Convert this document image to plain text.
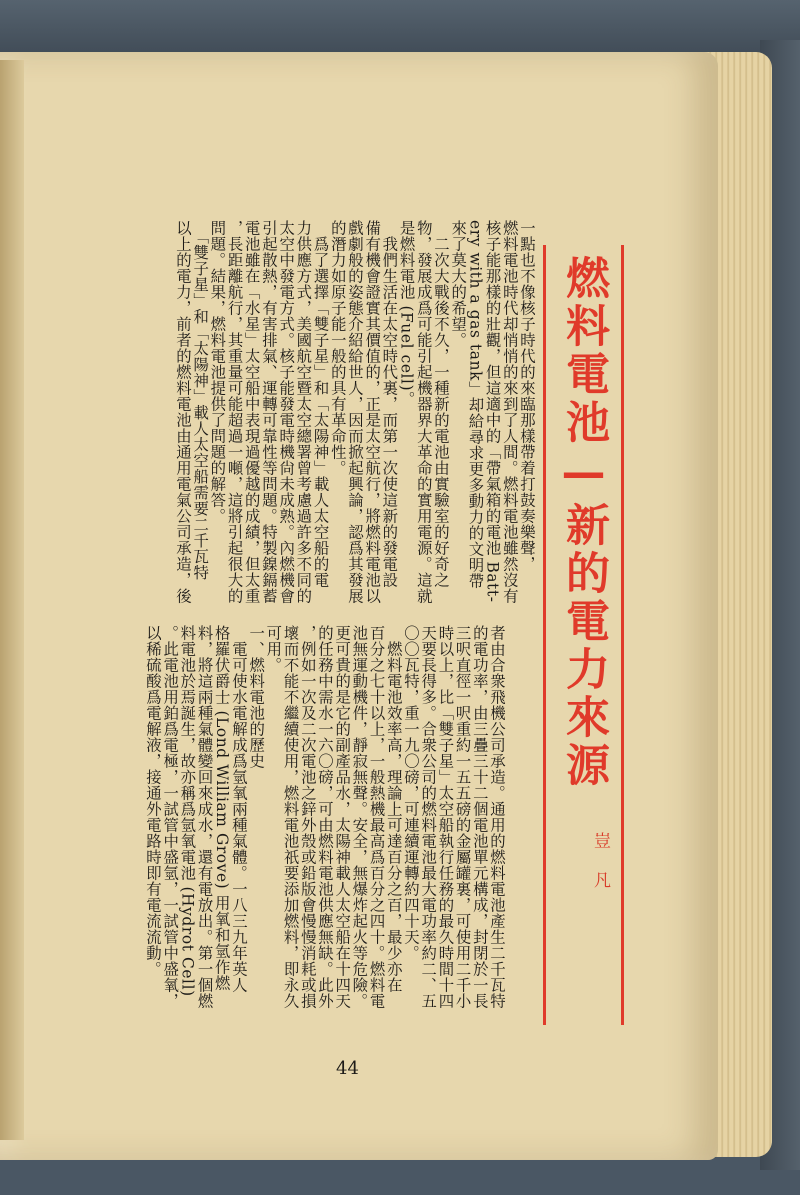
一點也不像核子時代的來臨那樣帶着打鼓奏樂聲，
燃料電池時代却悄悄的來到了人間。燃料電池雖然沒有
核子能那樣的壯觀，但這適中的「帶氣箱的電池 Batt-
ery with a gas tank」却給尋求更多動力的文明帶
來了莫大的希望。
　二次大戰後不久，一種新的電池由實驗室的好奇之
物，發展成爲可能引起機器界大革命的實用電源。這就
是燃料電池 (Fuel cell)。
　我們生活在太空時代裏，而第一次使這新的發電設
備有機會證實其價值的，正是太空航行，將燃料電池以
戲劇般的姿態介紹給世人，因而掀起興論，認爲其發展
的潛力如原子能一般的具有革命性。
　爲了選擇「雙子星」和「太陽神」載人太空船的電
力供應方式，美國航空暨太空總署曾考慮過許多不同的
太空中發電方式。核子能發電時機尙未成熟。內燃機會
引起散熱，有害排氣、運轉可靠性等問題。特製鎳鎘蓄
電池雖在「水星」太空船中表現過優越的成績，但太重
，長距離航行，其重量可能超過一噸，這將引起很大的
問題。結果，燃料電池提供了問題的解答。
　「雙子星」和「太陽神」載人太空船需要二千瓦特
以上的電力，前者的燃料電池由通用電氣公司承造，後
者由合衆飛機公司承造。通用的燃料電池產生二千瓦特
的電功率，由三疊三十二個電池單元構成，封閉於一長
三呎直徑一呎重約一五五磅的金屬罐裏，可使用二千小
時以上，比「雙子星」太空船執行任務的最久時間十四
天要長得多。合衆公司的燃料電池最大電功率約二、五
〇〇瓦特，重一九〇磅，可連續運轉約四十天。
　燃料電池效率高，理論上可達百分之百，最少亦在
百分之七十以上，一般熱機最高爲百分之四十。燃料電
池無運動機件，靜寂無聲。安全，無爆炸起火等危險。
更可貴的是它的副產品水，太陽神載人太空船在十四天
的任務中需水一六〇磅，可由燃料電池供應無缺。此外
，例如一次及二次電池之鋅外殼或鉛版會慢慢消耗或損
壞而不能不繼續使用，燃料電池祇要添加燃料，即永久
可用。
一、燃料電池的歷史
　電可使水電解成爲氫氧兩種氣體。一八三九年英人
格羅伏爵士 (Lond William Grove) 用氧和氫作燃
料，將這兩種氣體變回來成水，還有電放出。第一個燃
料電池於焉誕生，故亦稱爲氫氧電池 (Hydrot Cell)
。此電池用鉑爲電極，一試管中盛氫，一試管中盛氧，
以稀硫酸爲電解液，接通外電路時即有電流流動。
燃料電池—新的電力來源
豈凡
44
